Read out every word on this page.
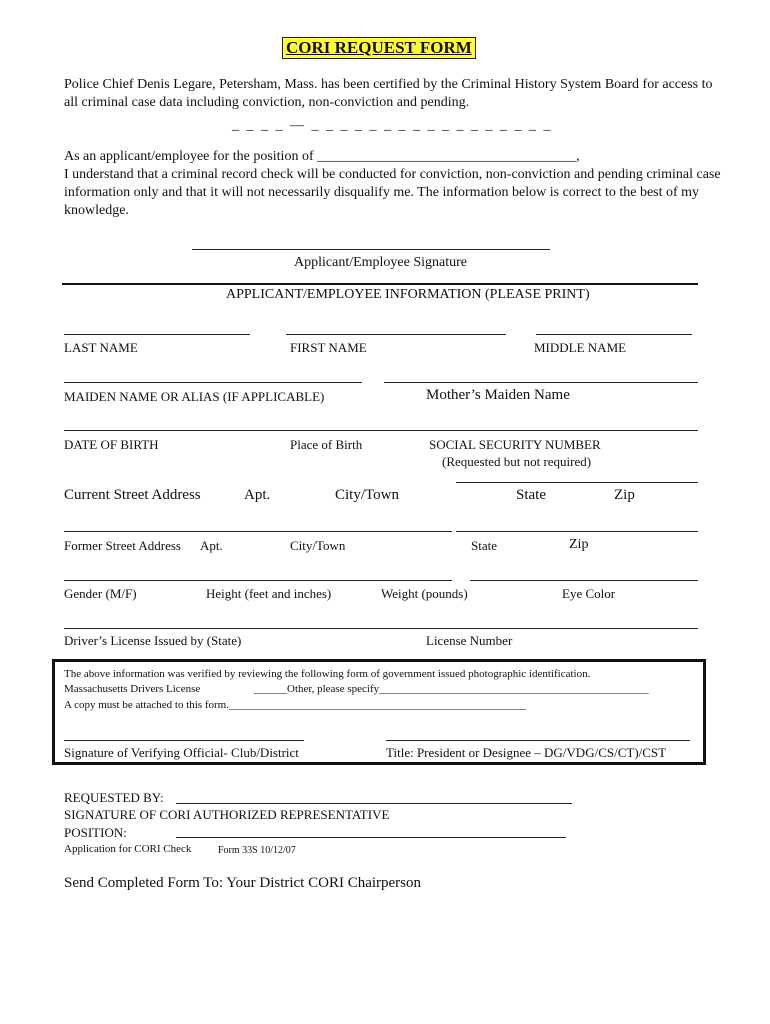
CORI REQUEST FORM
Police Chief Denis Legare, Petersham, Mass. has been certified by the Criminal History System Board for access to all criminal case data including conviction, non-conviction and pending.
_ _ _ _ — _ _ _ _ _ _ _ _ _ _ _ _ _ _ _ _ _
As an applicant/employee for the position of _____________________________________,
I understand that a criminal record check will be conducted for conviction, non-conviction and pending criminal case information only and that it will not necessarily disqualify me. The information below is correct to the best of my knowledge.
Applicant/Employee Signature
APPLICANT/EMPLOYEE INFORMATION (PLEASE PRINT)
LAST NAME	FIRST NAME	MIDDLE NAME
MAIDEN NAME OR ALIAS (IF APPLICABLE)	Mother’s Maiden Name
DATE OF BIRTH	Place of Birth	SOCIAL SECURITY NUMBER
(Requested but not required)
Current Street Address	Apt.	City/Town	State	Zip
Former Street Address Apt.	City/Town	State	Zip
Gender (M/F)	Height (feet and inches)	Weight (pounds)	Eye Color
Driver’s License Issued by (State)	License Number
The above information was verified by reviewing the following form of government issued photographic identification.
Massachusetts Drivers License	______Other, please specify_________________________________________________
A copy must be attached to this form.______________________________________________________
Signature of Verifying Official- Club/District	Title: President or Designee – DG/VDG/CS/CT)/CST
REQUESTED BY:
SIGNATURE OF CORI AUTHORIZED REPRESENTATIVE
POSITION:
Application for CORI Check	Form 33S 10/12/07
Send Completed Form To: Your District CORI Chairperson
